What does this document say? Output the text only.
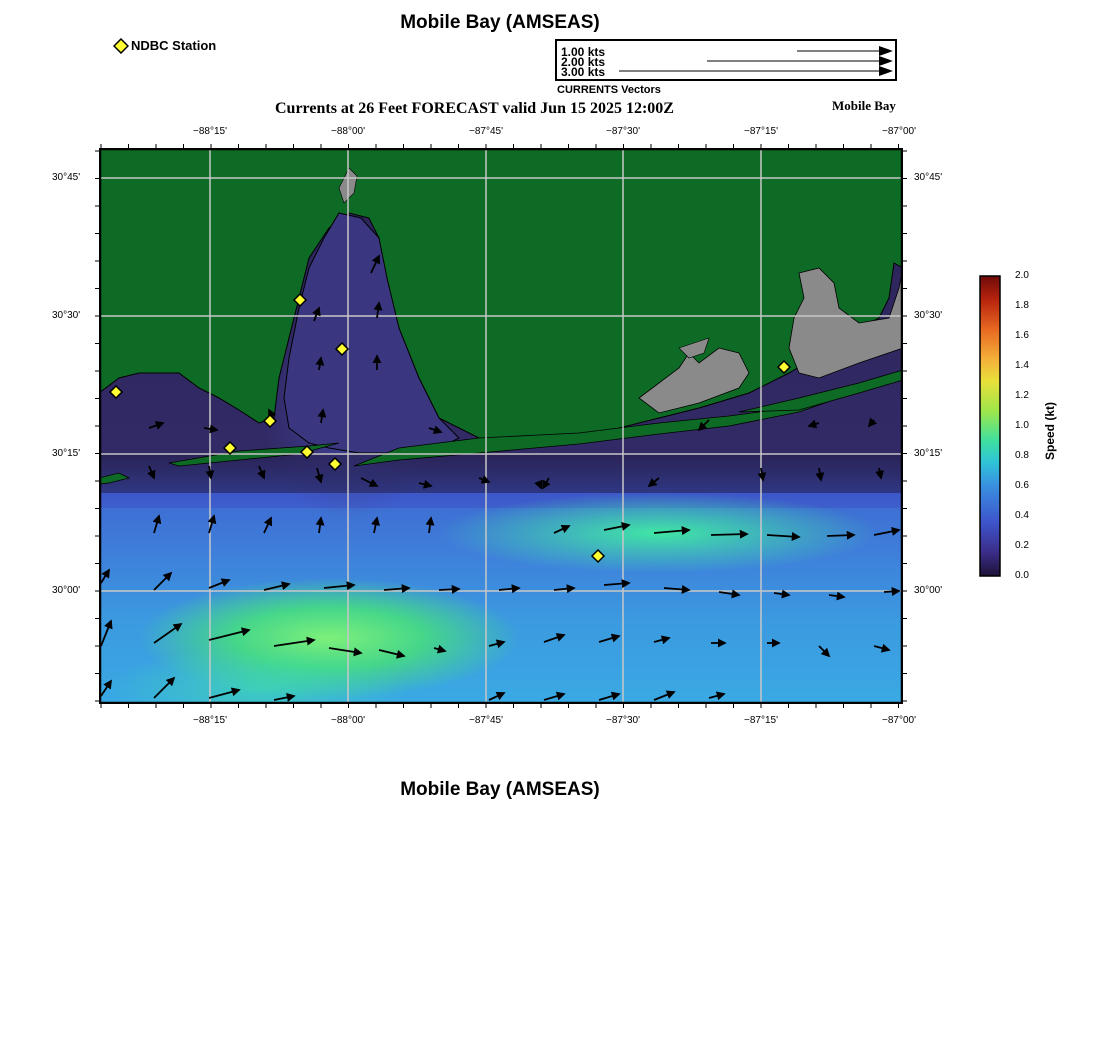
Mobile Bay (AMSEAS)
NDBC Station	1.00 kts
2.00 kts
3.00 kts
CURRENTS Vectors
Currents at 26 Feet FORECAST valid Jun 15 2025 12:00Z	Mobile Bay
−88°15'	−88°00'	−87°45'	−87°30'	−87°15'	−87°00'
−88°15'	−88°00'	−87°45'	−87°30'	−87°15'	−87°00'
30°45'
30°30'
30°15'
30°00'
30°45'
30°30'
30°15'
30°00'
2.0
1.8
1.6
1.4
1.2
1.0
0.8
0.6
0.4
0.2
0.0
Speed (kt)
Mobile Bay (AMSEAS)
